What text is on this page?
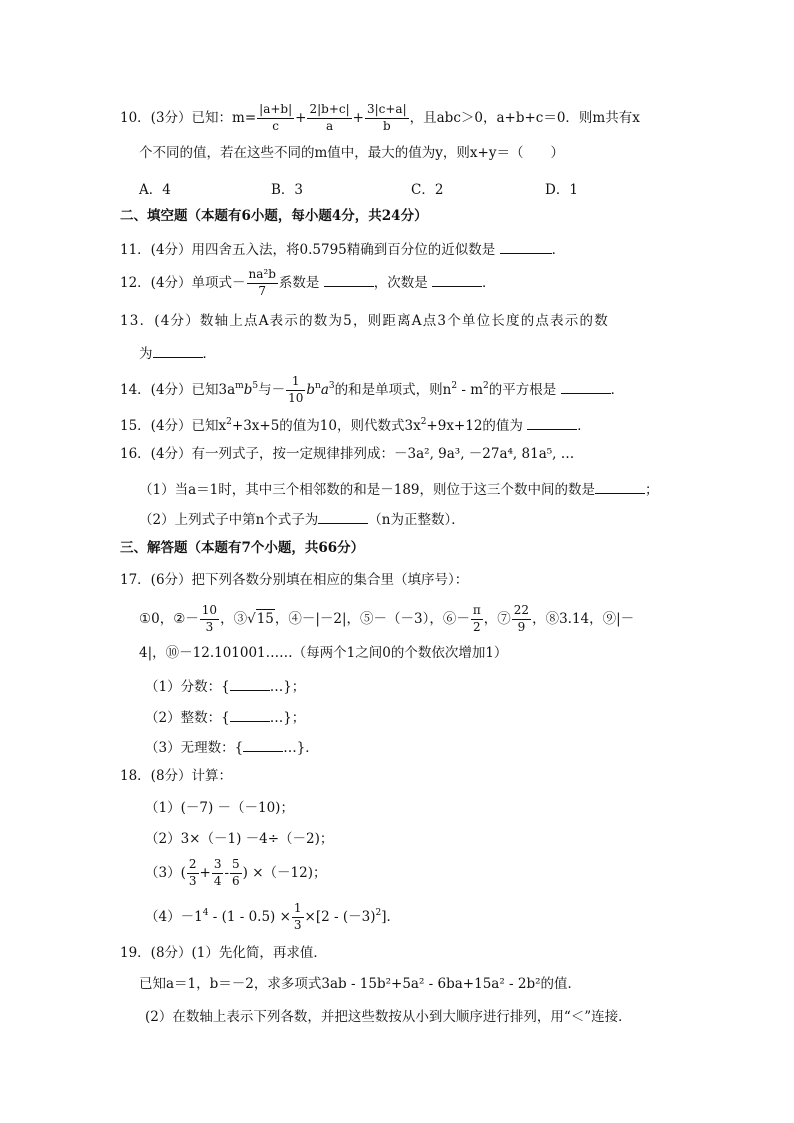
10．(3分）已知：$m= \frac{|a+b|}{c} + \frac{2|b+c|}{a} + \frac{3|c+a|}{b}$ ，且abc＞0，a+b+c＝0．则m共有x
个不同的值，若在这些不同的m值中，最大的值为y，则x+y＝（　　）
A．4	B．3	C．2	D．1
二、填空题（本题有6小题，每小题4分，共24分）
11．(4分）用四舍五入法，将0.5795精确到百分位的近似数是	．
12．(4分）单项式－ $\frac{\text{na²b}}{7}$ 系数是	，次数是	．
13．(4分）数轴上点A表示的数为5，则距离A点3个单位长度的点表示的数
为	．
14．(4分）已知$3a^mb^5$与－ $\frac{1}{10} b^na^3$的和是单项式，则$n^2 - m^2$的平方根是	．
15．(4分）已知$x^2+3x+5$的值为10，则代数式$3x^2+9x+12$的值为	．
16．(4分）有一列式子，按一定规律排列成：－3a², 9a³, －27a⁴, 81a⁵, …
（1）当a＝1时，其中三个相邻数的和是－189，则位于这三个数中间的数是	；
（2）上列式子中第n个式子为	（n为正整数）．
三、解答题（本题有7个小题，共66分）
17．(6分）把下列各数分别填在相应的集合里（填序号）：
①0，②－ $\frac{10}{3}$ ，③√15，④－|－2|，⑤－（－3），⑥－ $\frac{\pi}{2}$ ，⑦ $\frac{22}{9}$ ，⑧3.14，⑨|－
4|，⑩－12.101001……（每两个1之间0的个数依次增加1）
（1）分数：{	…}；
（2）整数：{	…}；
（3）无理数：{	…}．
18．(8分）计算：
（1）(－7) －（－10)；
（2）3×（－1) －4÷（－2)；
$(3)( \frac{2}{3} + \frac{3}{4} - \frac{5}{6}$ ) ×（－12)；
$(4)-1^4 - (1 - 0.5) \times \frac{1}{3} \times[2 - (-3)^2]$．
19．(8分）(1）先化简，再求值．
已知a＝1，b＝－2，求多项式3ab - 15b²+5a² - 6ba+15a² - 2b²的值．
(2）在数轴上表示下列各数，并把这些数按从小到大顺序进行排列，用“＜”连接．
